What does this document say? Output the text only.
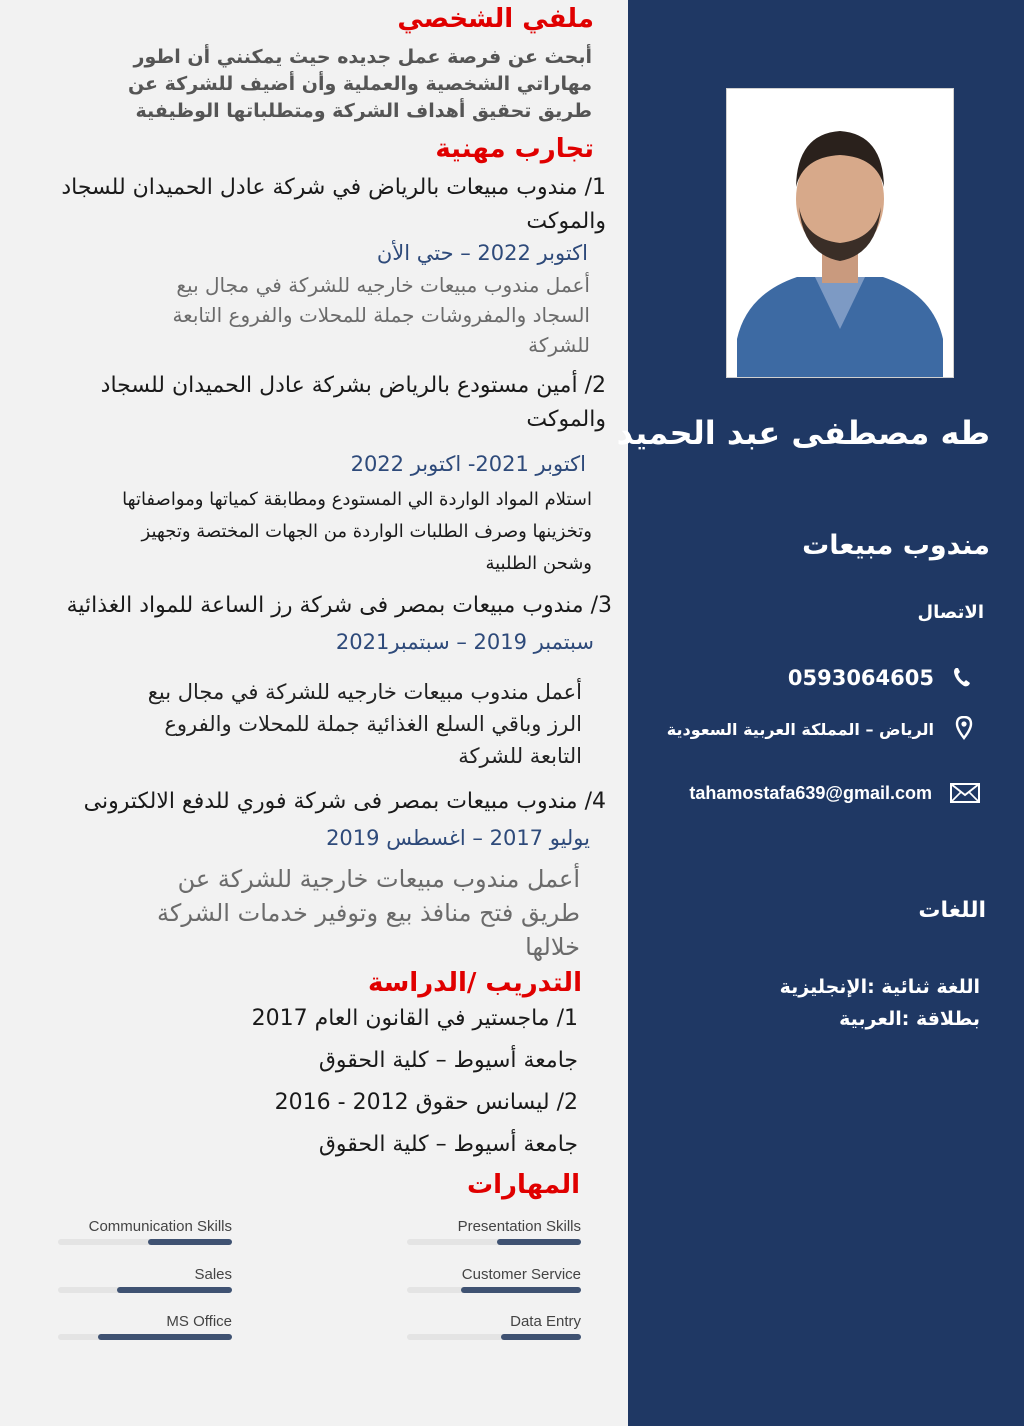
ملفي الشخصي
أبحث عن فرصة عمل جديده حيث يمكنني أن اطور
مهاراتي الشخصية والعملية وأن أضيف للشركة عن
طريق تحقيق أهداف الشركة ومتطلباتها الوظيفية
تجارب مهنية
1/ مندوب مبيعات بالرياض في شركة عادل الحميدان للسجاد
والموكت
اكتوبر 2022 – حتي الأن
أعمل مندوب مبيعات خارجيه للشركة في مجال بيع
السجاد والمفروشات جملة للمحلات والفروع التابعة
للشركة
2/ أمين مستودع بالرياض بشركة عادل الحميدان للسجاد
والموكت
اكتوبر 2021- اكتوبر 2022
استلام المواد الواردة الي المستودع ومطابقة كمياتها ومواصفاتها
وتخزينها وصرف الطلبات الواردة من الجهات المختصة وتجهيز
وشحن الطلبية
3/ مندوب مبيعات بمصر فى شركة رز الساعة للمواد الغذائية
سبتمبر 2019 – سبتمبر2021
أعمل مندوب مبيعات خارجيه للشركة في مجال بيع
الرز وباقي السلع الغذائية جملة للمحلات والفروع
التابعة للشركة
4/ مندوب مبيعات بمصر فى شركة فوري للدفع الالكترونى
يوليو 2017 – اغسطس 2019
أعمل مندوب مبيعات خارجية للشركة عن
طريق فتح منافذ بيع وتوفير خدمات الشركة
خلالها
التدريب /الدراسة
1/ ماجستير في القانون العام 2017
جامعة أسيوط – كلية الحقوق
2/ ليسانس حقوق 2012 - 2016
جامعة أسيوط – كلية الحقوق
المهارات
Communication Skills	Presentation Skills
Sales	Customer Service
MS Office	Data Entry
طه مصطفى عبد الحميد
مندوب مبيعات
الاتصال
0593064605
الرياض – المملكة العربية السعودية
tahamostafa639@gmail.com
اللغات
اللغة ثنائية :الإنجليزية
بطلاقة :العربية
